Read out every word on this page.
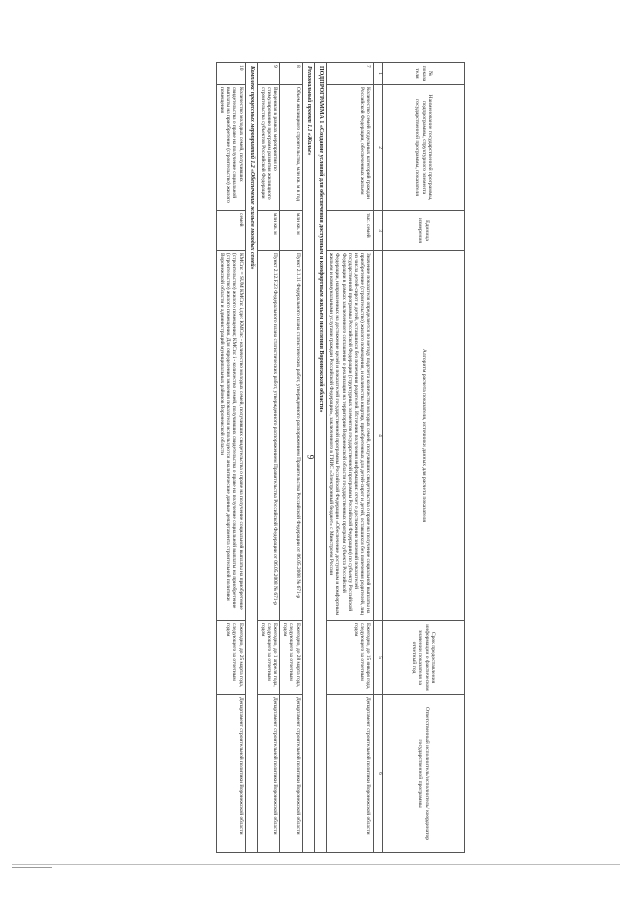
9
№ показателя	Наименование государственной программы, подпрограммы, структурного элемента государственной программы, показателя	Единица измерения	Алгоритм расчета показателя, источники данных для расчета показателя	Срок предоставления информации о фактическом значении показателя за отчетный год	Ответственный исполнитель/исполнитель/ координатор государственной программы
1	2	3	4	5	6
7	Количество семей отдельных категорий граждан Российской Федерации, обеспеченных жильем	тыс. семей	Значение показателя определяется по методу подсчета количества молодых семей, получивших свидетельства о праве на получение социальной выплаты на приобретение (строительство) жилого помещения, и количества квартир, приобретенных для детей-сирот и детей, оставшихся без попечения родителей, лиц из числа детей-сирот и детей, оставшихся без попечения родителей. Источник получения информации: отчет о достижении значений показателей государственной программы Российской Федерации (структурных элементов государственной программы Российской Федерации) по субъекту Российской Федерации в рамках заключенного соглашения о реализации на территории Воронежской области государственных программ субъекта Российской Федерации, направленных на достижение целей и показателей государственной программы Российской Федерации «Обеспечение доступным и комфортным жильем и коммунальными услугами граждан Российской Федерации», заключенного в ГИИС «Электронный бюджет» с Минстроем России	Ежегодно, до 15 января года, следующего за отчетным годом	Департамент строительной политики Воронежской области
ПОДПРОГРАММА 1 «Создание условий для обеспечения доступным и комфортным жильем населения Воронежской области»					
Региональный проект 1.1 «Жилье»					
8	Объем жилищного строительства, млн кв. м в год	млн кв. м	Пункт 2.1.11 Федерального плана статистических работ, утвержденного распоряжением Правительства Российской Федерации от 06.05.2008 № 671-р	Ежегодно, до 28 марта года, следующего за отчетным годом	Департамент строительной политики Воронежской области
9	Введенная в рамках мероприятия по стимулированию программ развития жилищного строительства субъектов Российской Федерации	млн кв. м	Пункт 2.12.F.23 Федерального плана статистических работ, утвержденного распоряжением Правительства Российской Федерации от 06.05.2008 № 671-р	Ежегодно, до 1 апреля года, следующего за отчетным годом	Департамент строительной политики Воронежской области
Комплекс процессных мероприятий 1.2 «Обеспечение жильем молодых семей»					
10	Количество молодых семей, получивших свидетельства о праве на получение социальной выплаты на приобретение (строительство) жилого помещения	семей	КМСпс = SUM КМСпс i,где: КМСпс - количество молодых семей, получивших свидетельства о праве на получение социальной выплаты на приобретение (строительство) жилого помещения; КМСпс i - количество семей, получивших свидетельства о праве на получение социальной выплаты на приобретение (строительство) жилого помещения. Для определения значения показателя используются аналитические данные департамента строительной политики Воронежской области и администраций муниципальных районов Воронежской области	Ежегодно, до 25 марта года, следующего за отчетным годом	Департамент строительной политики Воронежской области
